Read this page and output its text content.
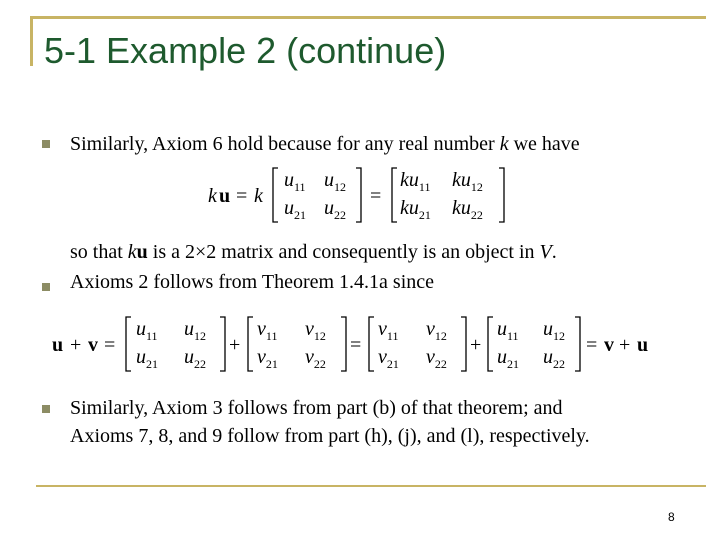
5-1 Example 2 (continue)
Similarly, Axiom 6 hold because for any real number k we have
k u = k
$u_{11}$ $u_{12}$
$u_{21}$ $u_{22}$
=
$ku_{11}$ $ku_{12}$
$ku_{21}$ $ku_{22}$
so that ku is a 2×2 matrix and consequently is an object in V.
Axioms 2 follows from Theorem 1.4.1a since
u + v =
$u_{11}$ $u_{12}$
$u_{21}$ $u_{22}$
+
$v_{11}$ $v_{12}$
$v_{21}$ $v_{22}$
=
$v_{11}$ $v_{12}$
$v_{21}$ $v_{22}$
+
$u_{11}$ $u_{12}$
$u_{21}$ $u_{22}$
= v + u
Similarly, Axiom 3 follows from part (b) of that theorem; and
Axioms 7, 8, and 9 follow from part (h), (j), and (l), respectively.
8
